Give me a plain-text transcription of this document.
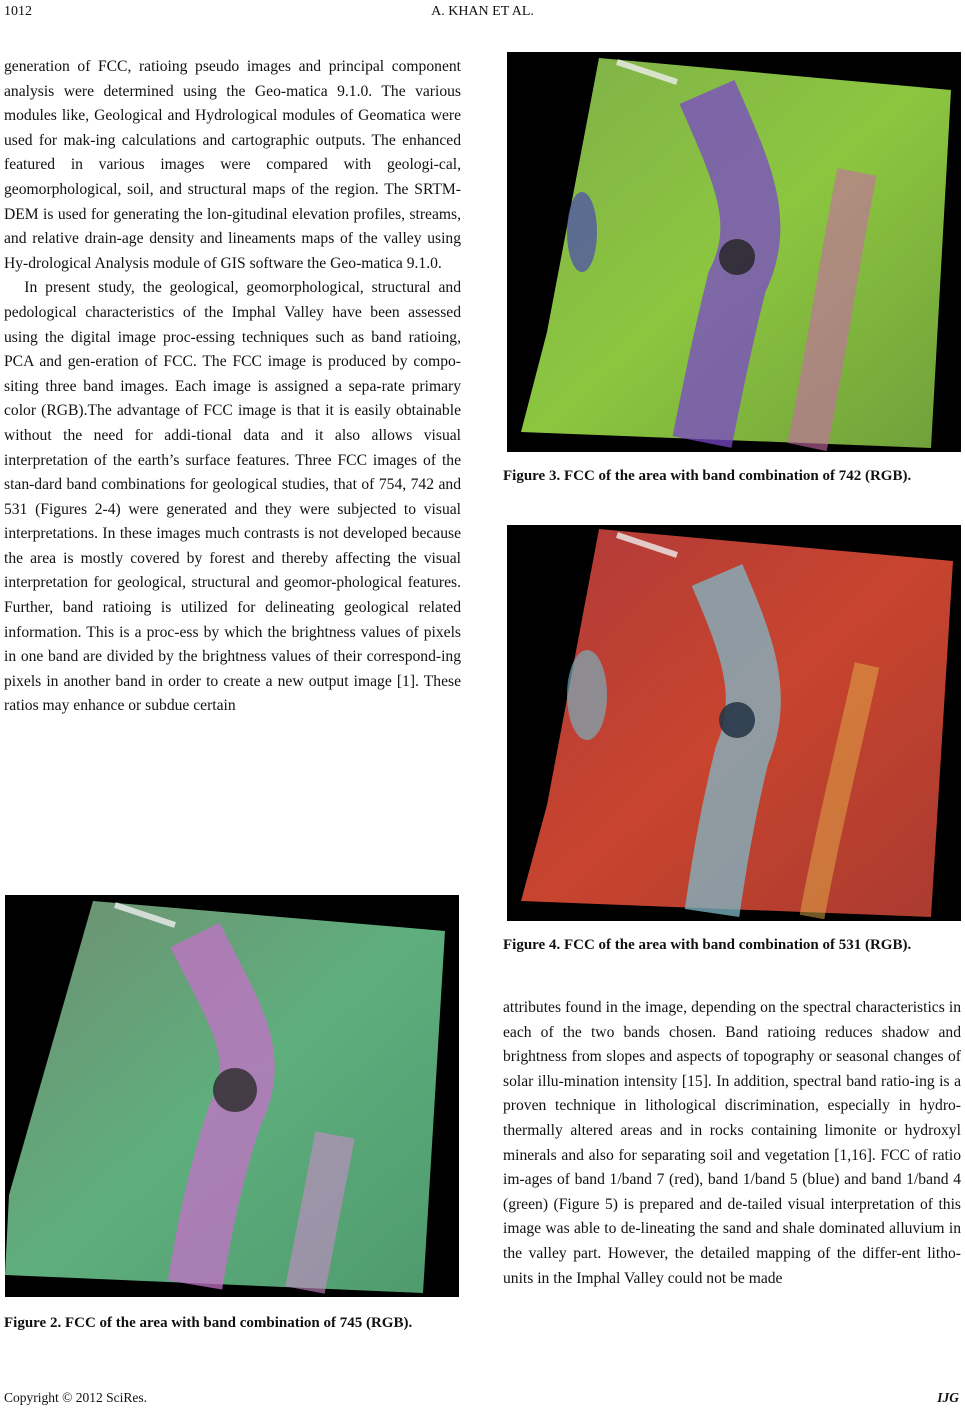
1012	A. KHAN ET AL.

generation of FCC, ratioing pseudo images and principal component analysis were determined using the Geo-matica 9.1.0. The various modules like, Geological and Hydrological modules of Geomatica were used for mak-ing calculations and cartographic outputs. The enhanced featured in various images were compared with geologi-cal, geomorphological, soil, and structural maps of the region. The SRTM-DEM is used for generating the lon-gitudinal elevation profiles, streams, and relative drain-age density and lineaments maps of the valley using Hy-drological Analysis module of GIS software the Geo-matica 9.1.0.

In present study, the geological, geomorphological, structural and pedological characteristics of the Imphal Valley have been assessed using the digital image proc-essing techniques such as band ratioing, PCA and gen-eration of FCC. The FCC image is produced by compo-siting three band images. Each image is assigned a sepa-rate primary color (RGB).The advantage of FCC image is that it is easily obtainable without the need for addi-tional data and it also allows visual interpretation of the earth’s surface features. Three FCC images of the stan-dard band combinations for geological studies, that of 754, 742 and 531 (Figures 2-4) were generated and they were subjected to visual interpretations. In these images much contrasts is not developed because the area is mostly covered by forest and thereby affecting the visual interpretation for geological, structural and geomor-phological features. Further, band ratioing is utilized for delineating geological related information. This is a proc-ess by which the brightness values of pixels in one band are divided by the brightness values of their correspond-ing pixels in another band in order to create a new output image [1]. These ratios may enhance or subdue certain

Figure 2. FCC of the area with band combination of 745 (RGB).
Figure 3. FCC of the area with band combination of 742 (RGB).
Figure 4. FCC of the area with band combination of 531 (RGB).

attributes found in the image, depending on the spectral characteristics in each of the two bands chosen. Band ratioing reduces shadow and brightness from slopes and aspects of topography or seasonal changes of solar illu-mination intensity [15]. In addition, spectral band ratio-ing is a proven technique in lithological discrimination, especially in hydro-thermally altered areas and in rocks containing limonite or hydroxyl minerals and also for separating soil and vegetation [1,16]. FCC of ratio im-ages of band 1/band 7 (red), band 1/band 5 (blue) and band 1/band 4 (green) (Figure 5) is prepared and de-tailed visual interpretation of this image was able to de-lineating the sand and shale dominated alluvium in the valley part. However, the detailed mapping of the differ-ent litho-units in the Imphal Valley could not be made

Copyright © 2012 SciRes.	IJG
